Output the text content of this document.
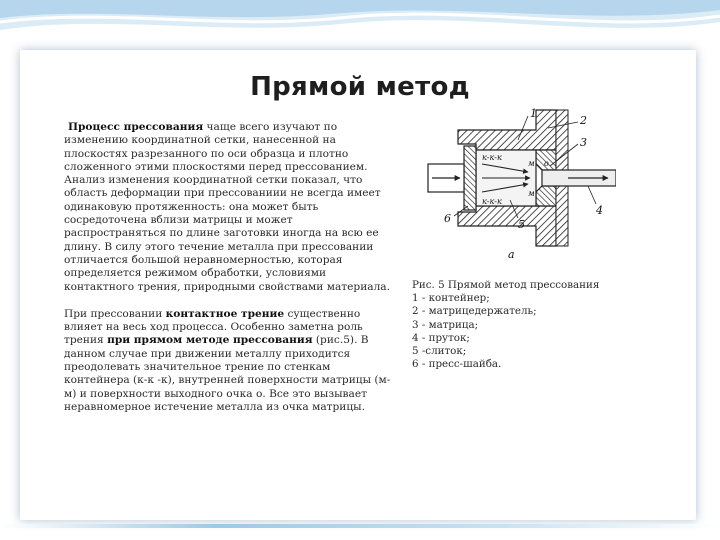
Прямой метод

Процесс прессования чаще всего изучают по изменению координатной сетки, нанесенной на плоскостях разрезанного по оси образца и плотно сложенного этими плоскостями перед прессованием. Анализ изменения координатной сетки показал, что область деформации при прессованиии не всегда имеет одинаковую протяженность: она может быть сосредоточена вблизи матрицы и может распространяться по длине заготовки иногда на всю ее длину. В силу этого течение металла при прессовании отличается большой неравномерностью, которая определяется режимом обработки, условиями контактного трения, природными свойствами материала.

При прессовании контактное трение существенно влияет на весь ход процесса. Особенно заметна роль трения при прямом методе прессования (рис.5). В данном случае при движении металлу приходится преодолевать значительное трение по стенкам контейнера (к-к -к), внутренней поверхности матрицы (м-м) и поверхности выходного очка о. Все это вызывает неравномерное истечение металла из очка матрицы.

1
2
3
4
5
6
к-к-к
к-к-к
м
м
о
а
Рис. 5 Прямой метод прессования
1 - контейнер;
2 - матрицедержатель;
3 - матрица;
4 - пруток;
5 -слиток;
6 - пресс-шайба.
